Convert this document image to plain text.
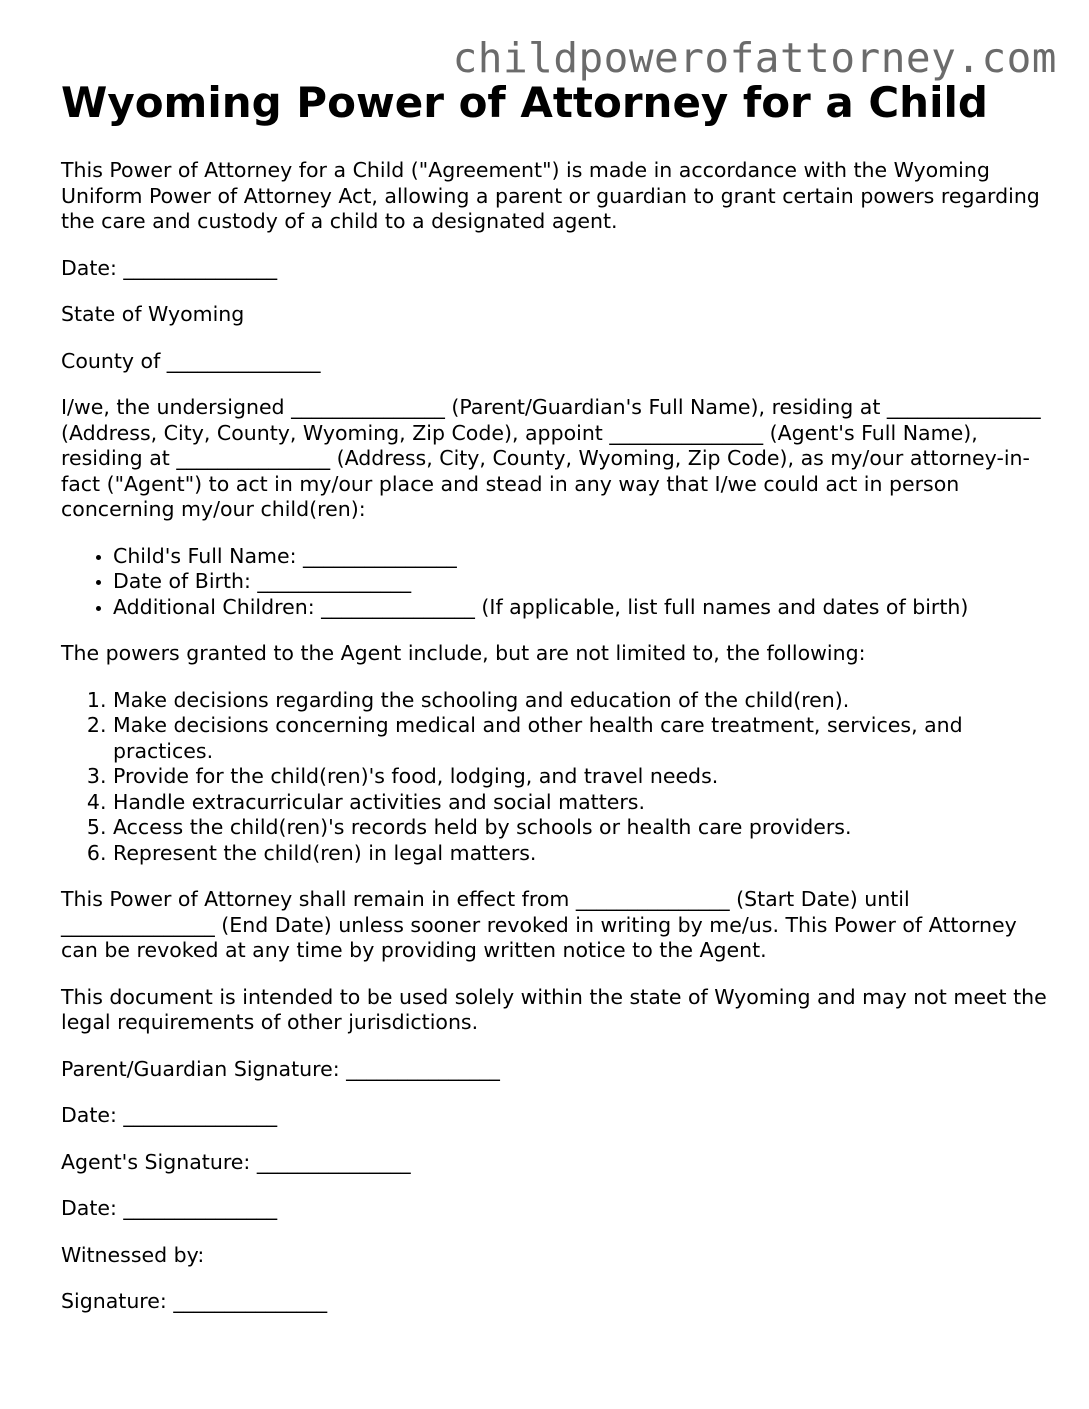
childpowerofattorney.com
Wyoming Power of Attorney for a Child

This Power of Attorney for a Child ("Agreement") is made in accordance with the Wyoming Uniform Power of Attorney Act, allowing a parent or guardian to grant certain powers regarding the care and custody of a child to a designated agent.

Date: _______________

State of Wyoming

County of _______________

I/we, the undersigned _______________ (Parent/Guardian's Full Name), residing at _______________ (Address, City, County, Wyoming, Zip Code), appoint _______________ (Agent's Full Name), residing at _______________ (Address, City, County, Wyoming, Zip Code), as my/our attorney-in-fact ("Agent") to act in my/our place and stead in any way that I/we could act in person concerning my/our child(ren):

• Child's Full Name: _______________
• Date of Birth: _______________
• Additional Children: _______________ (If applicable, list full names and dates of birth)

The powers granted to the Agent include, but are not limited to, the following:

1. Make decisions regarding the schooling and education of the child(ren).
2. Make decisions concerning medical and other health care treatment, services, and practices.
3. Provide for the child(ren)'s food, lodging, and travel needs.
4. Handle extracurricular activities and social matters.
5. Access the child(ren)'s records held by schools or health care providers.
6. Represent the child(ren) in legal matters.

This Power of Attorney shall remain in effect from _______________ (Start Date) until _______________ (End Date) unless sooner revoked in writing by me/us. This Power of Attorney can be revoked at any time by providing written notice to the Agent.

This document is intended to be used solely within the state of Wyoming and may not meet the legal requirements of other jurisdictions.

Parent/Guardian Signature: _______________

Date: _______________

Agent's Signature: _______________

Date: _______________

Witnessed by:

Signature: _______________
